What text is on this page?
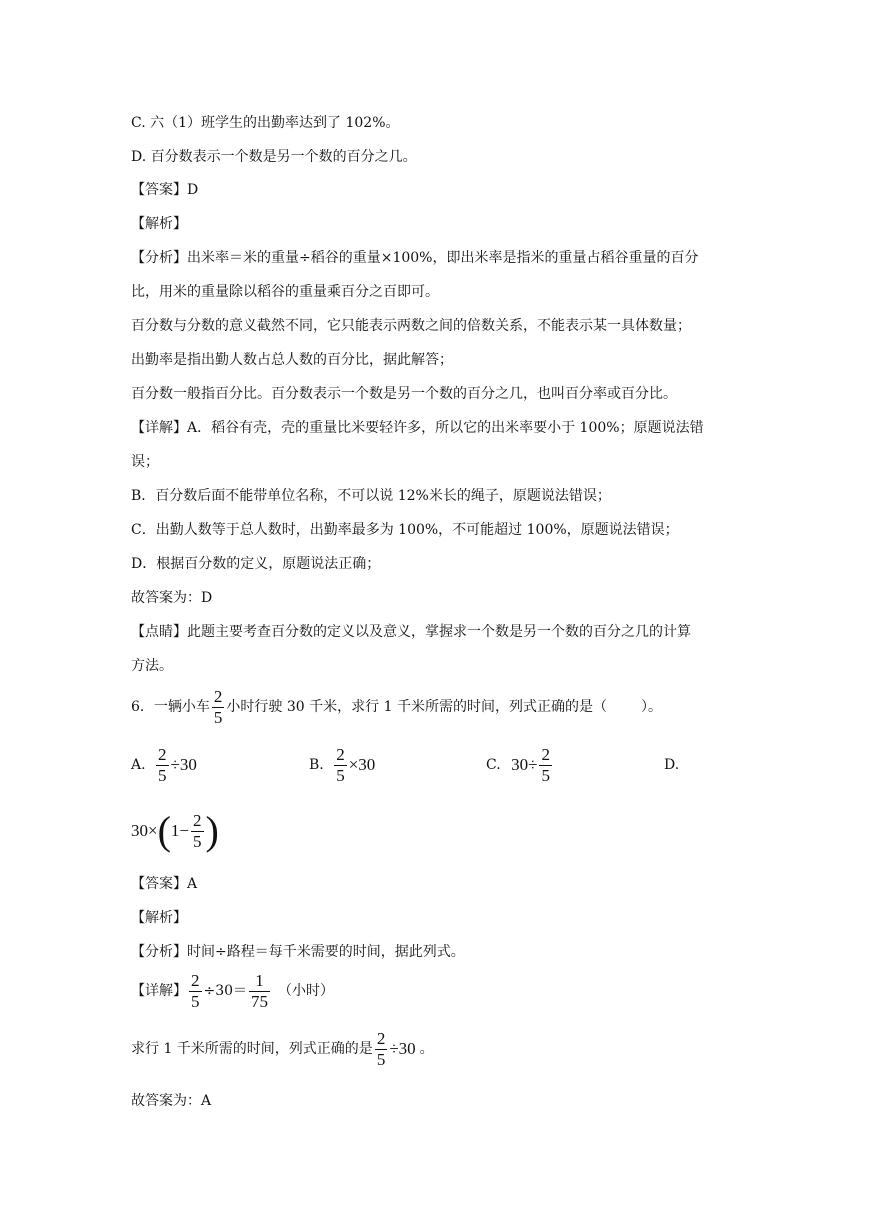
C. 六（1）班学生的出勤率达到了 102%。
D. 百分数表示一个数是另一个数的百分之几。
【答案】D
【解析】
【分析】出米率＝米的重量÷稻谷的重量×100%，即出米率是指米的重量占稻谷重量的百分
比，用米的重量除以稻谷的重量乘百分之百即可。
百分数与分数的意义截然不同，它只能表示两数之间的倍数关系，不能表示某一具体数量；
出勤率是指出勤人数占总人数的百分比，据此解答；
百分数一般指百分比。百分数表示一个数是另一个数的百分之几，也叫百分率或百分比。
【详解】A．稻谷有壳，壳的重量比米要轻许多，所以它的出米率要小于 100%；原题说法错
误；
B．百分数后面不能带单位名称，不可以说 12%米长的绳子，原题说法错误；
C．出勤人数等于总人数时，出勤率最多为 100%，不可能超过 100%，原题说法错误；
D．根据百分数的定义，原题说法正确；
故答案为：D
【点睛】此题主要考查百分数的定义以及意义，掌握求一个数是另一个数的百分之几的计算
方法。
6．一辆小车 $\frac{2}{5}$ 小时行驶 30 千米，求行 1 千米所需的时间，列式正确的是（ ）。
A. $\frac{2}{5} \div 30$	B. $\frac{2}{5} \times 30$	C. $30\div \frac{2}{5}$	D.
$30\times(1- \frac{2}{5}$ )
【答案】A
【解析】
【分析】时间÷路程＝每千米需要的时间，据此列式。
【详解】 $\frac{2}{5} \div 30= \frac{1}{75}$ （小时）
求行 1 千米所需的时间，列式正确的是 $\frac{2}{5} \div 30$ 。
故答案为：A
